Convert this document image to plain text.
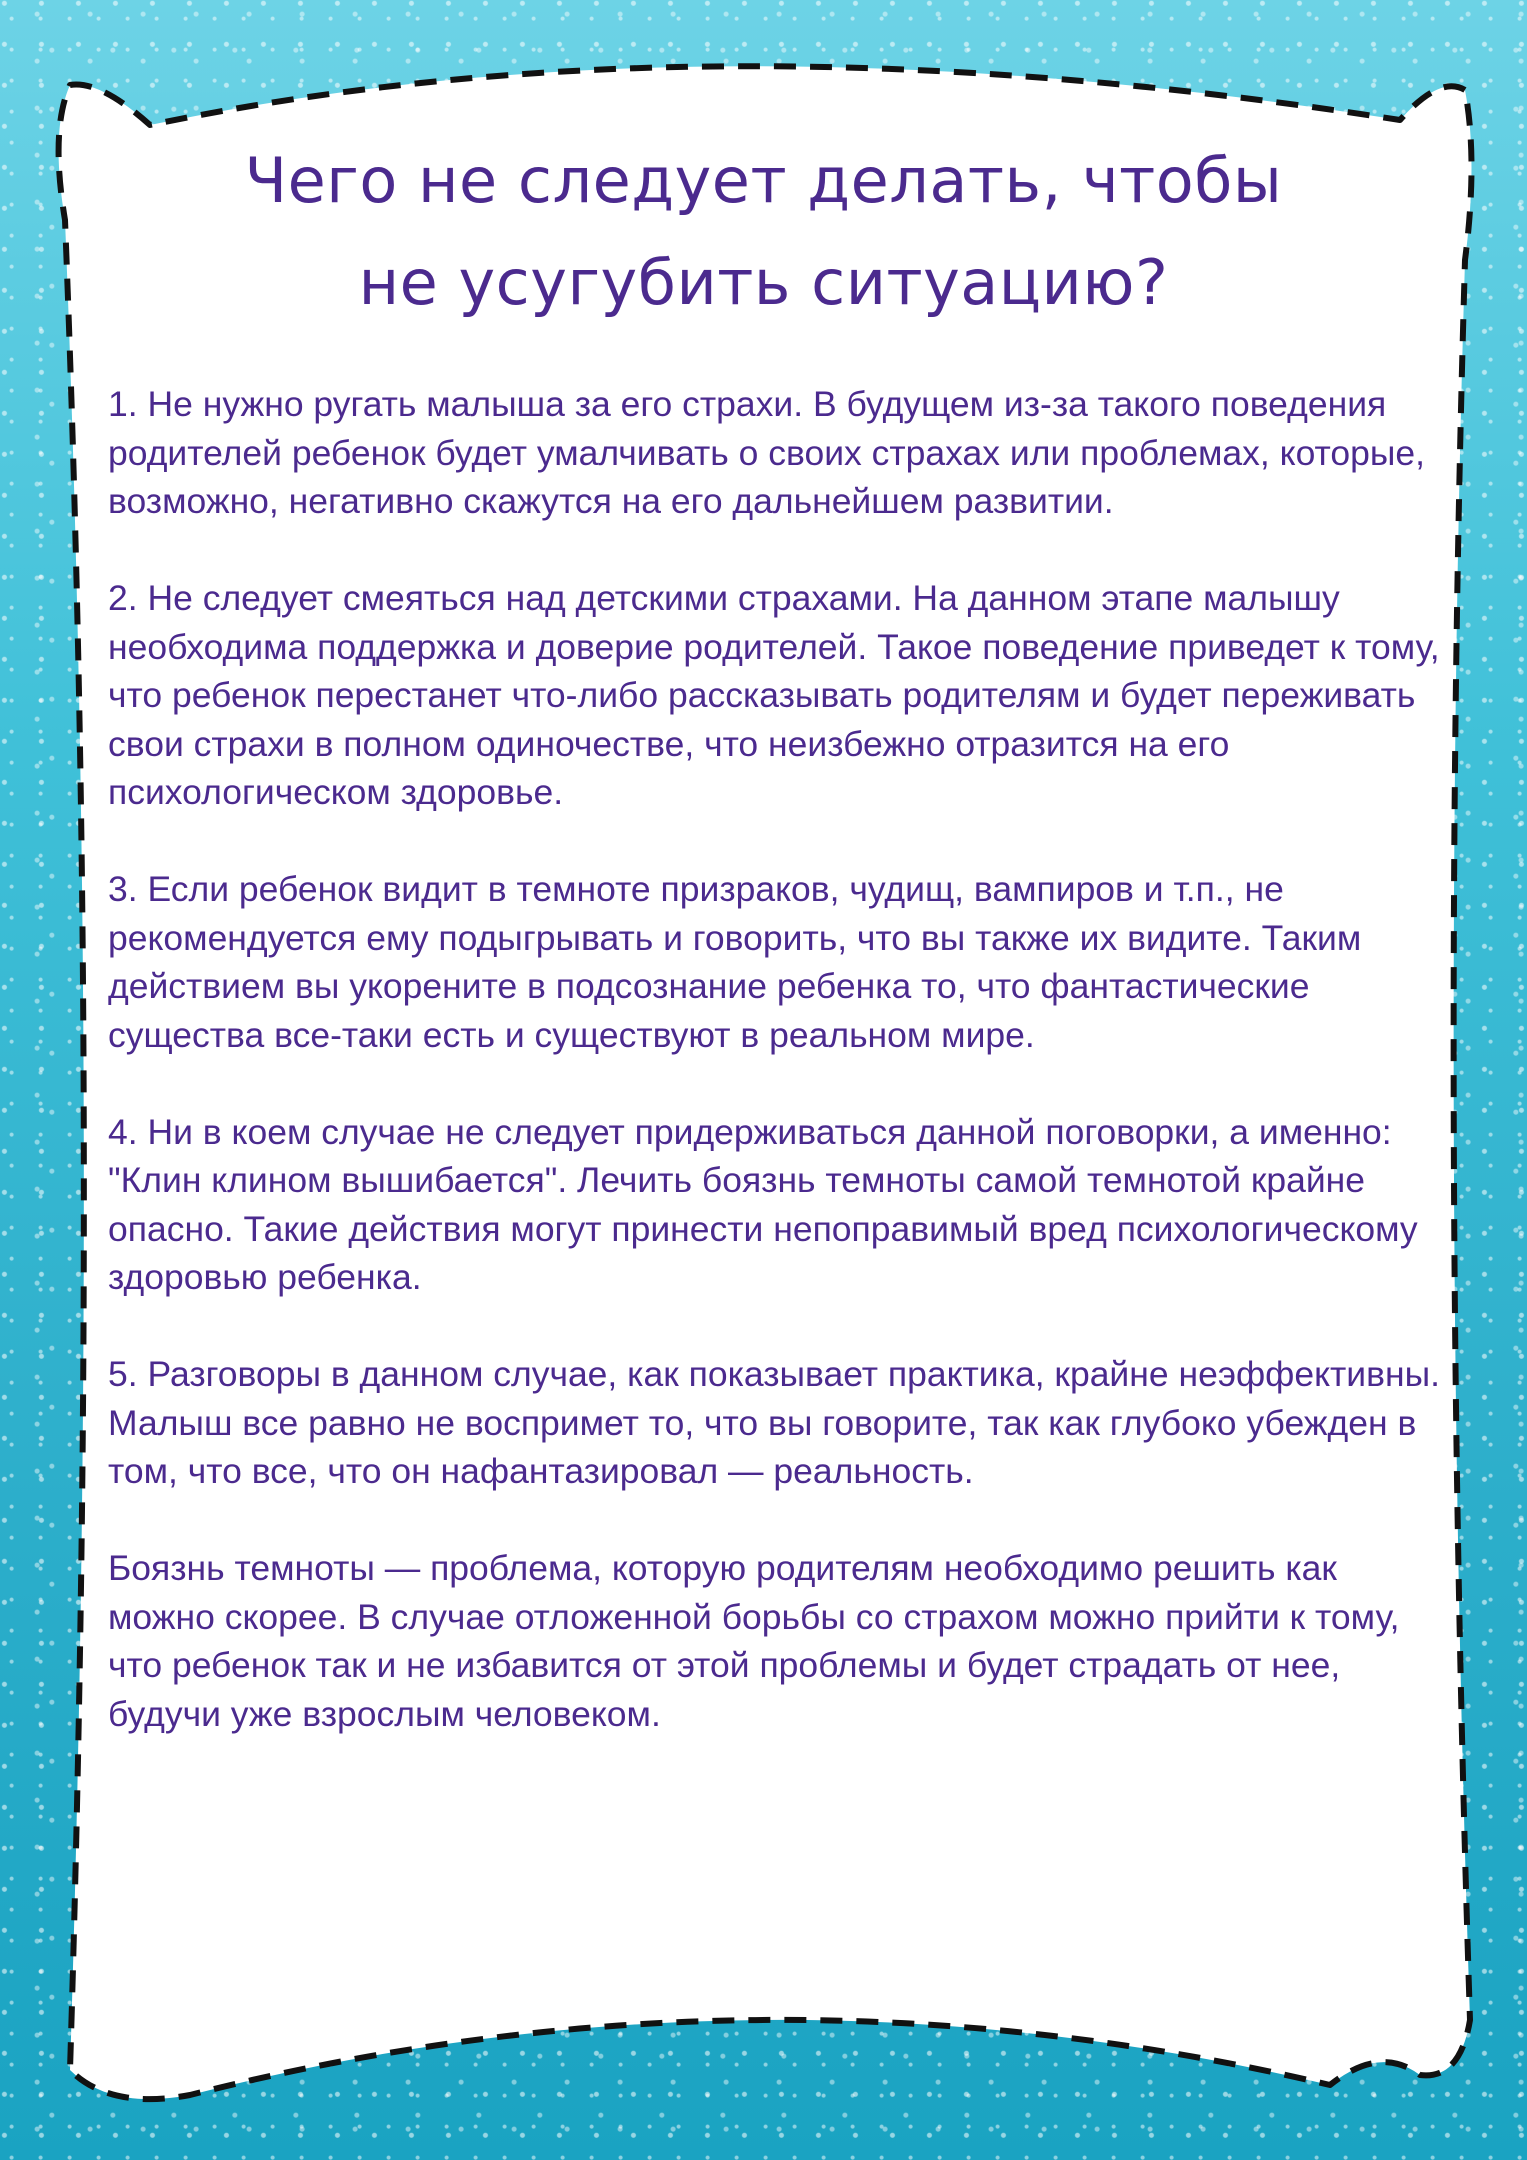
Чего не следует делать, чтобы
не усугубить ситуацию?

1. Не нужно ругать малыша за его страхи. В будущем из-за такого поведения родителей ребенок будет умалчивать о своих страхах или проблемах, которые, возможно, негативно скажутся на его дальнейшем развитии.

2. Не следует смеяться над детскими страхами. На данном этапе малышу необходима поддержка и доверие родителей. Такое поведение приведет к тому, что ребенок перестанет что-либо рассказывать родителям и будет переживать свои страхи в полном одиночестве, что неизбежно отразится на его психологическом здоровье.

3. Если ребенок видит в темноте призраков, чудищ, вампиров и т.п., не рекомендуется ему подыгрывать и говорить, что вы также их видите. Таким действием вы укорените в подсознание ребенка то, что фантастические существа все-таки есть и существуют в реальном мире.

4. Ни в коем случае не следует придерживаться данной поговорки, а именно: "Клин клином вышибается". Лечить боязнь темноты самой темнотой крайне опасно. Такие действия могут принести непоправимый вред психологическому здоровью ребенка.

5. Разговоры в данном случае, как показывает практика, крайне неэффективны. Малыш все равно не воспримет то, что вы говорите, так как глубоко убежден в том, что все, что он нафантазировал — реальность.

Боязнь темноты — проблема, которую родителям необходимо решить как можно скорее. В случае отложенной борьбы со страхом можно прийти к тому, что ребенок так и не избавится от этой проблемы и будет страдать от нее, будучи уже взрослым человеком.
